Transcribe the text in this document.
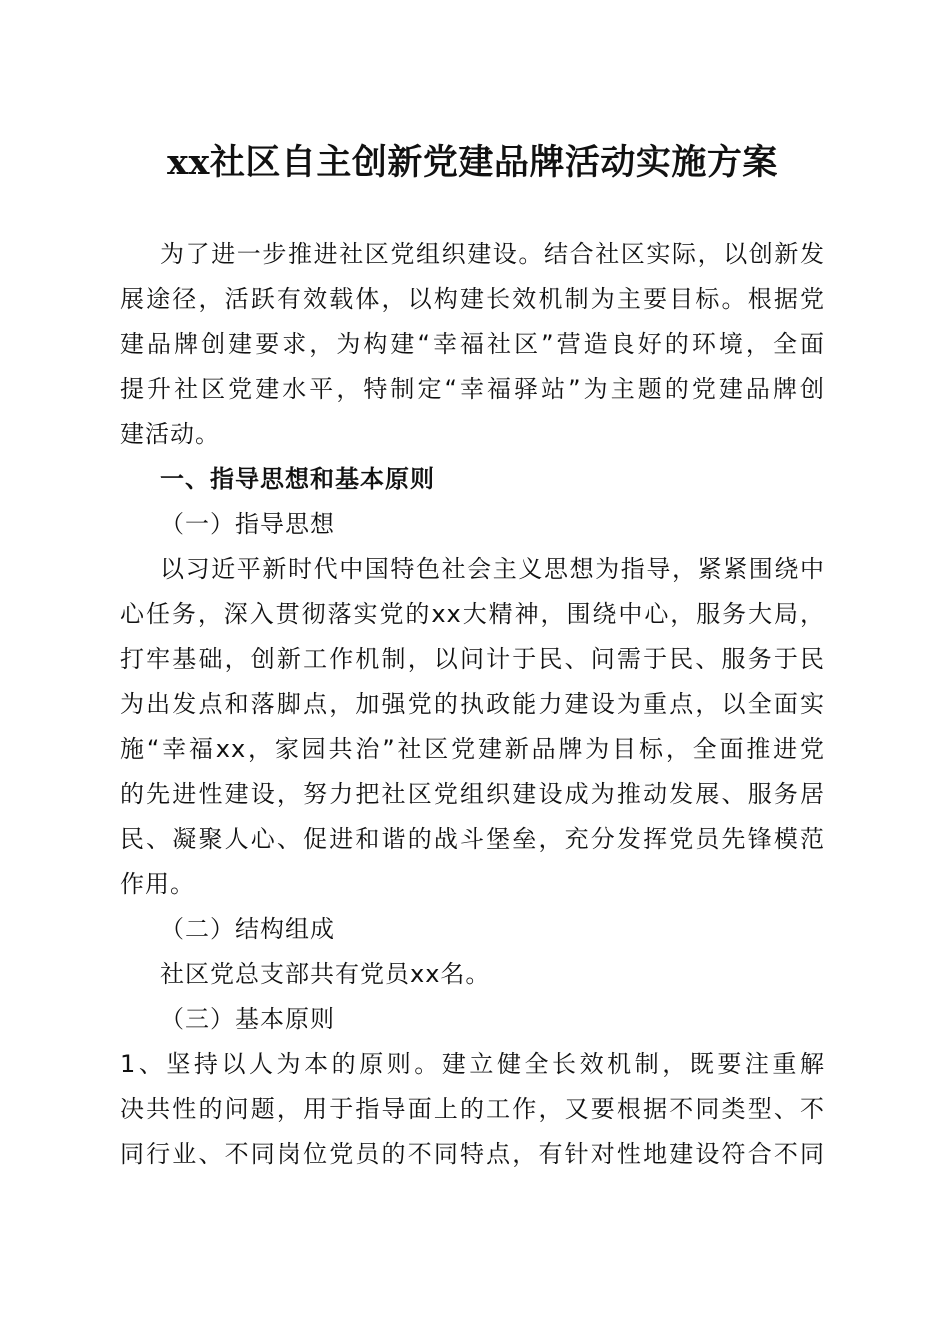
xx社区自主创新党建品牌活动实施方案
为了进一步推进社区党组织建设。结合社区实际，以创新发
展途径，活跃有效载体，以构建长效机制为主要目标。根据党
建品牌创建要求，为构建“幸福社区”营造良好的环境，全面
提升社区党建水平，特制定“幸福驿站”为主题的党建品牌创
建活动。
一、指导思想和基本原则
（一）指导思想
以习近平新时代中国特色社会主义思想为指导，紧紧围绕中
心任务，深入贯彻落实党的xx大精神，围绕中心，服务大局，
打牢基础，创新工作机制，以问计于民、问需于民、服务于民
为出发点和落脚点，加强党的执政能力建设为重点，以全面实
施“幸福xx，家园共治”社区党建新品牌为目标，全面推进党
的先进性建设，努力把社区党组织建设成为推动发展、服务居
民、凝聚人心、促进和谐的战斗堡垒，充分发挥党员先锋模范
作用。
（二）结构组成
社区党总支部共有党员xx名。
（三）基本原则
1、坚持以人为本的原则。建立健全长效机制，既要注重解
决共性的问题，用于指导面上的工作，又要根据不同类型、不
同行业、不同岗位党员的不同特点，有针对性地建设符合不同
